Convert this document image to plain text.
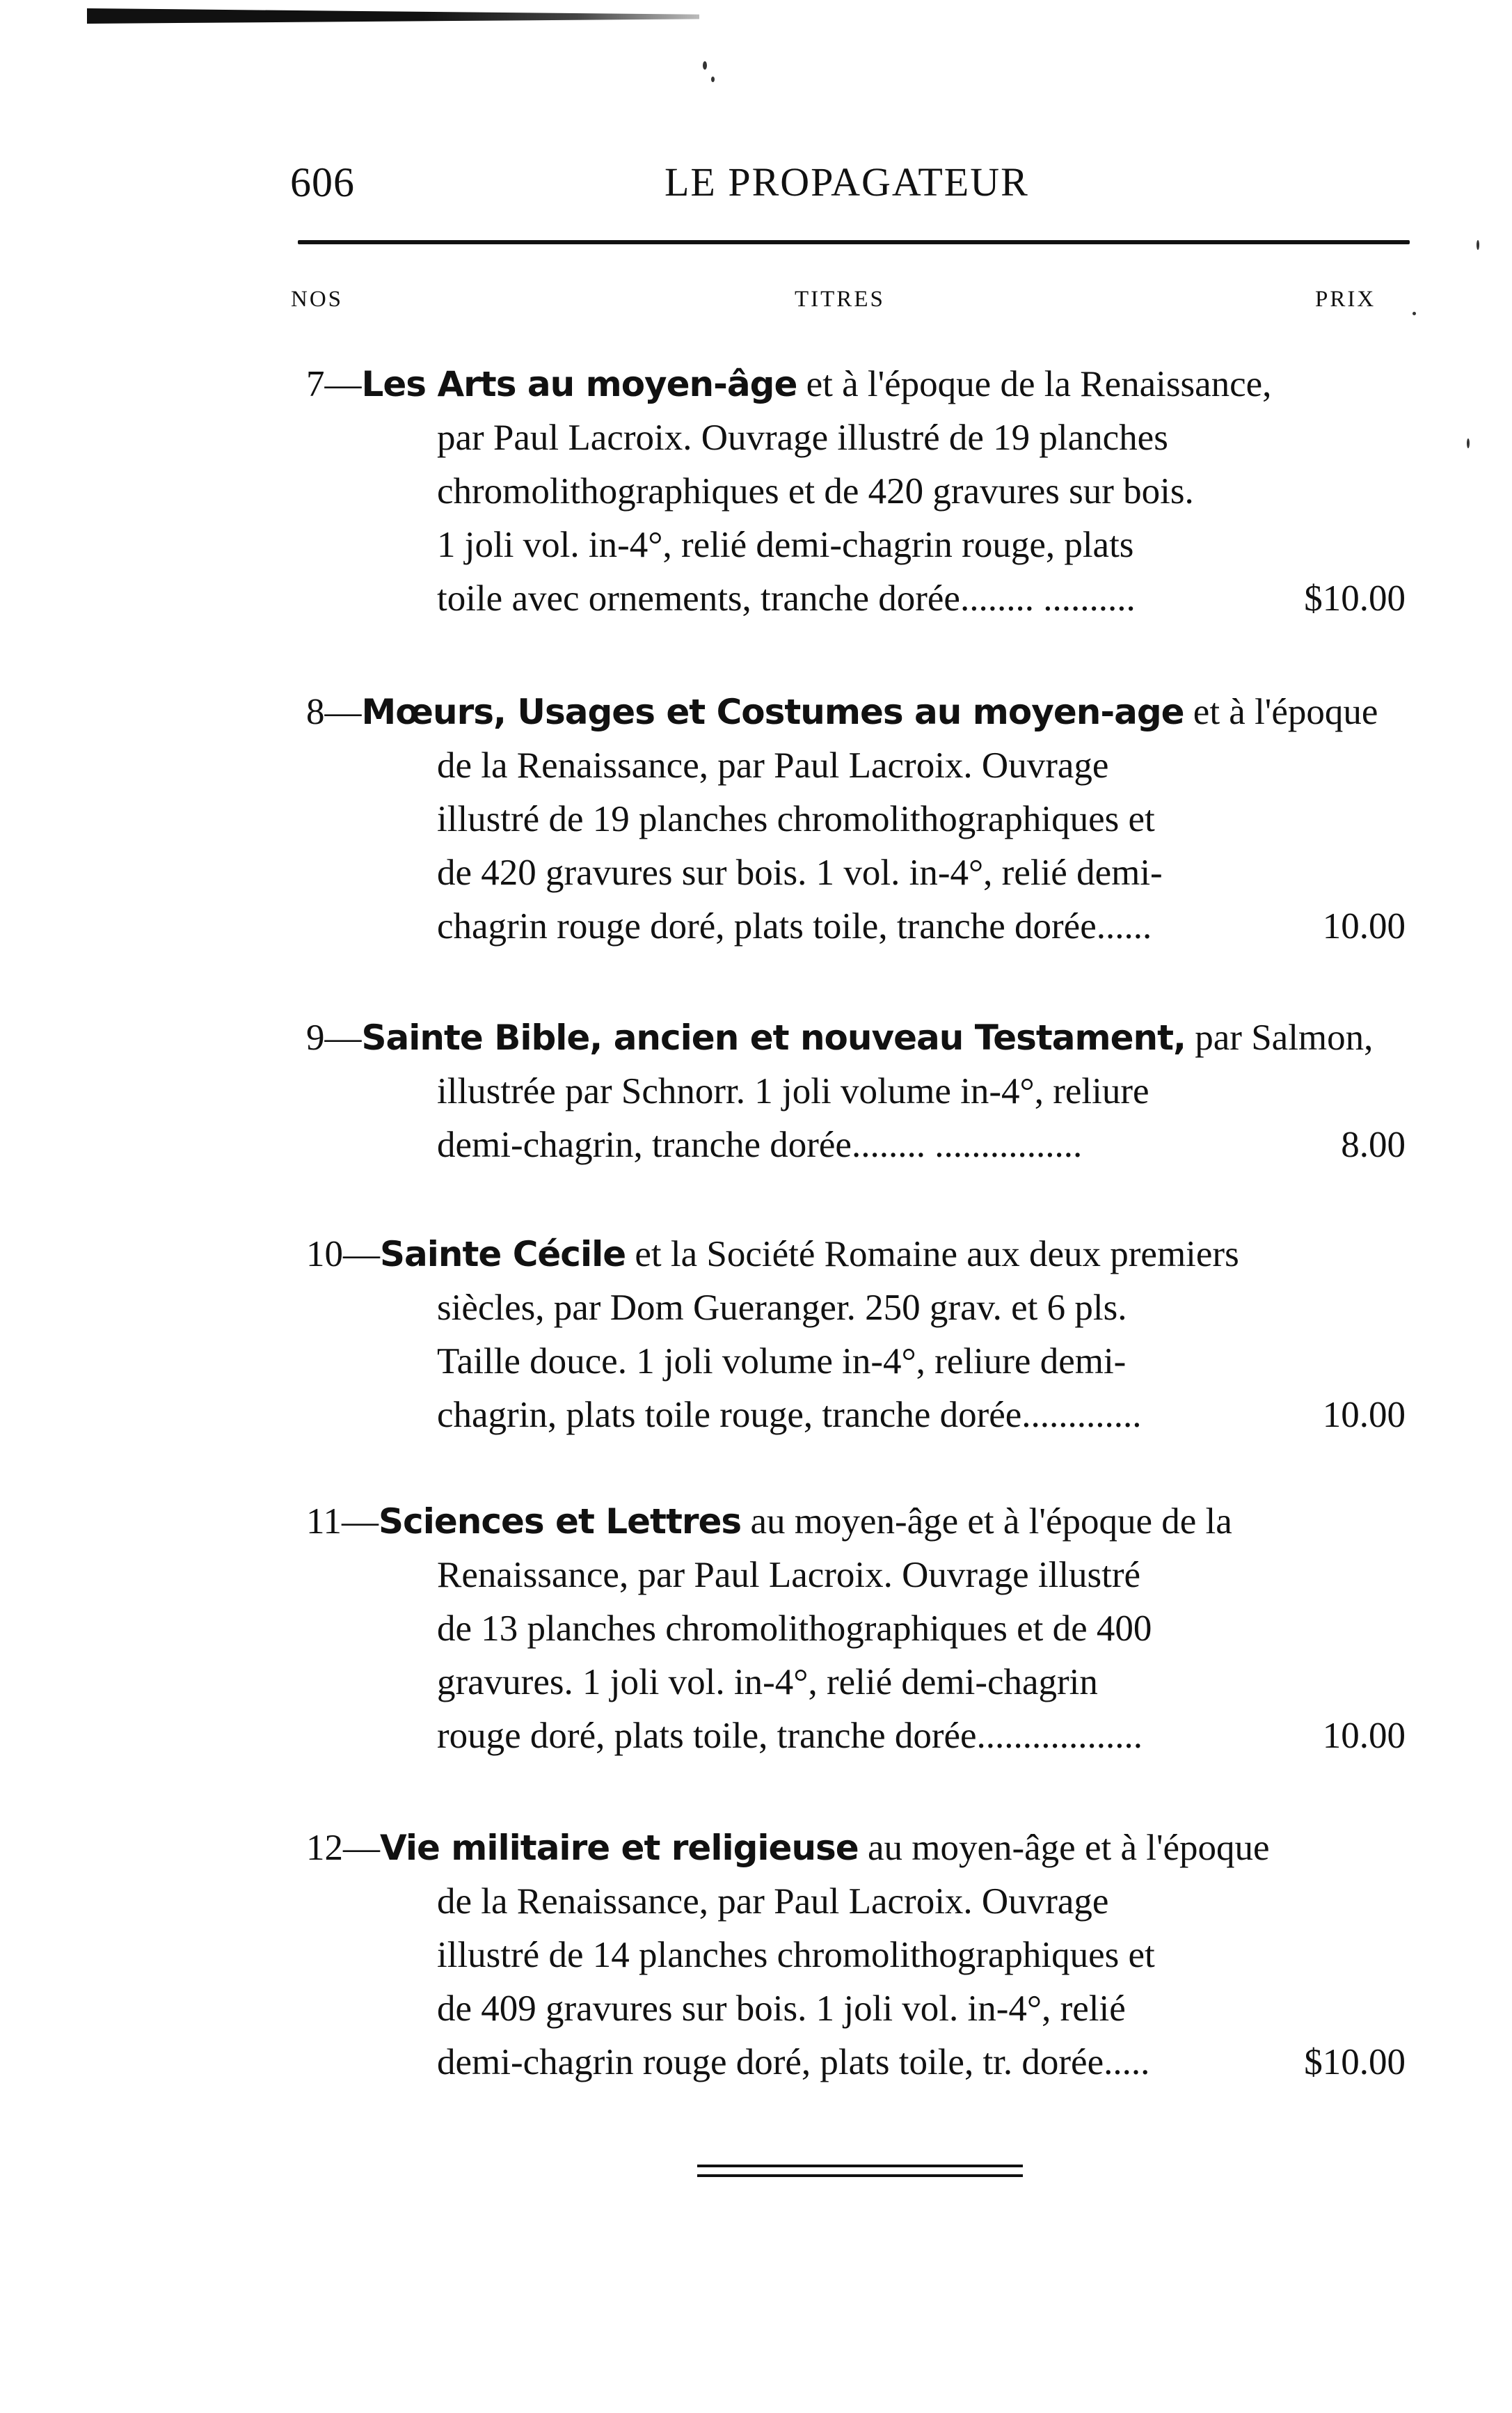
606	LE PROPAGATEUR
NOS	TITRES	PRIX
7—Les Arts au moyen-âge et à l'époque de la Renaissance,
par Paul Lacroix. Ouvrage illustré de 19 planches
chromolithographiques et de 420 gravures sur bois.
1 joli vol. in-4°, relié demi-chagrin rouge, plats
toile avec ornements, tranche dorée........ ..........	$10.00
8—Mœurs, Usages et Costumes au moyen-age et à l'époque
de la Renaissance, par Paul Lacroix. Ouvrage
illustré de 19 planches chromolithographiques et
de 420 gravures sur bois. 1 vol. in-4°, relié demi-
chagrin rouge doré, plats toile, tranche dorée......	10.00
9—Sainte Bible, ancien et nouveau Testament, par Salmon,
illustrée par Schnorr. 1 joli volume in-4°, reliure
demi-chagrin, tranche dorée........ ................	8.00
10—Sainte Cécile et la Société Romaine aux deux premiers
siècles, par Dom Gueranger. 250 grav. et 6 pls.
Taille douce. 1 joli volume in-4°, reliure demi-
chagrin, plats toile rouge, tranche dorée.............	10.00
11—Sciences et Lettres au moyen-âge et à l'époque de la
Renaissance, par Paul Lacroix. Ouvrage illustré
de 13 planches chromolithographiques et de 400
gravures. 1 joli vol. in-4°, relié demi-chagrin
rouge doré, plats toile, tranche dorée..................	10.00
12—Vie militaire et religieuse au moyen-âge et à l'époque
de la Renaissance, par Paul Lacroix. Ouvrage
illustré de 14 planches chromolithographiques et
de 409 gravures sur bois. 1 joli vol. in-4°, relié
demi-chagrin rouge doré, plats toile, tr. dorée.....	$10.00
